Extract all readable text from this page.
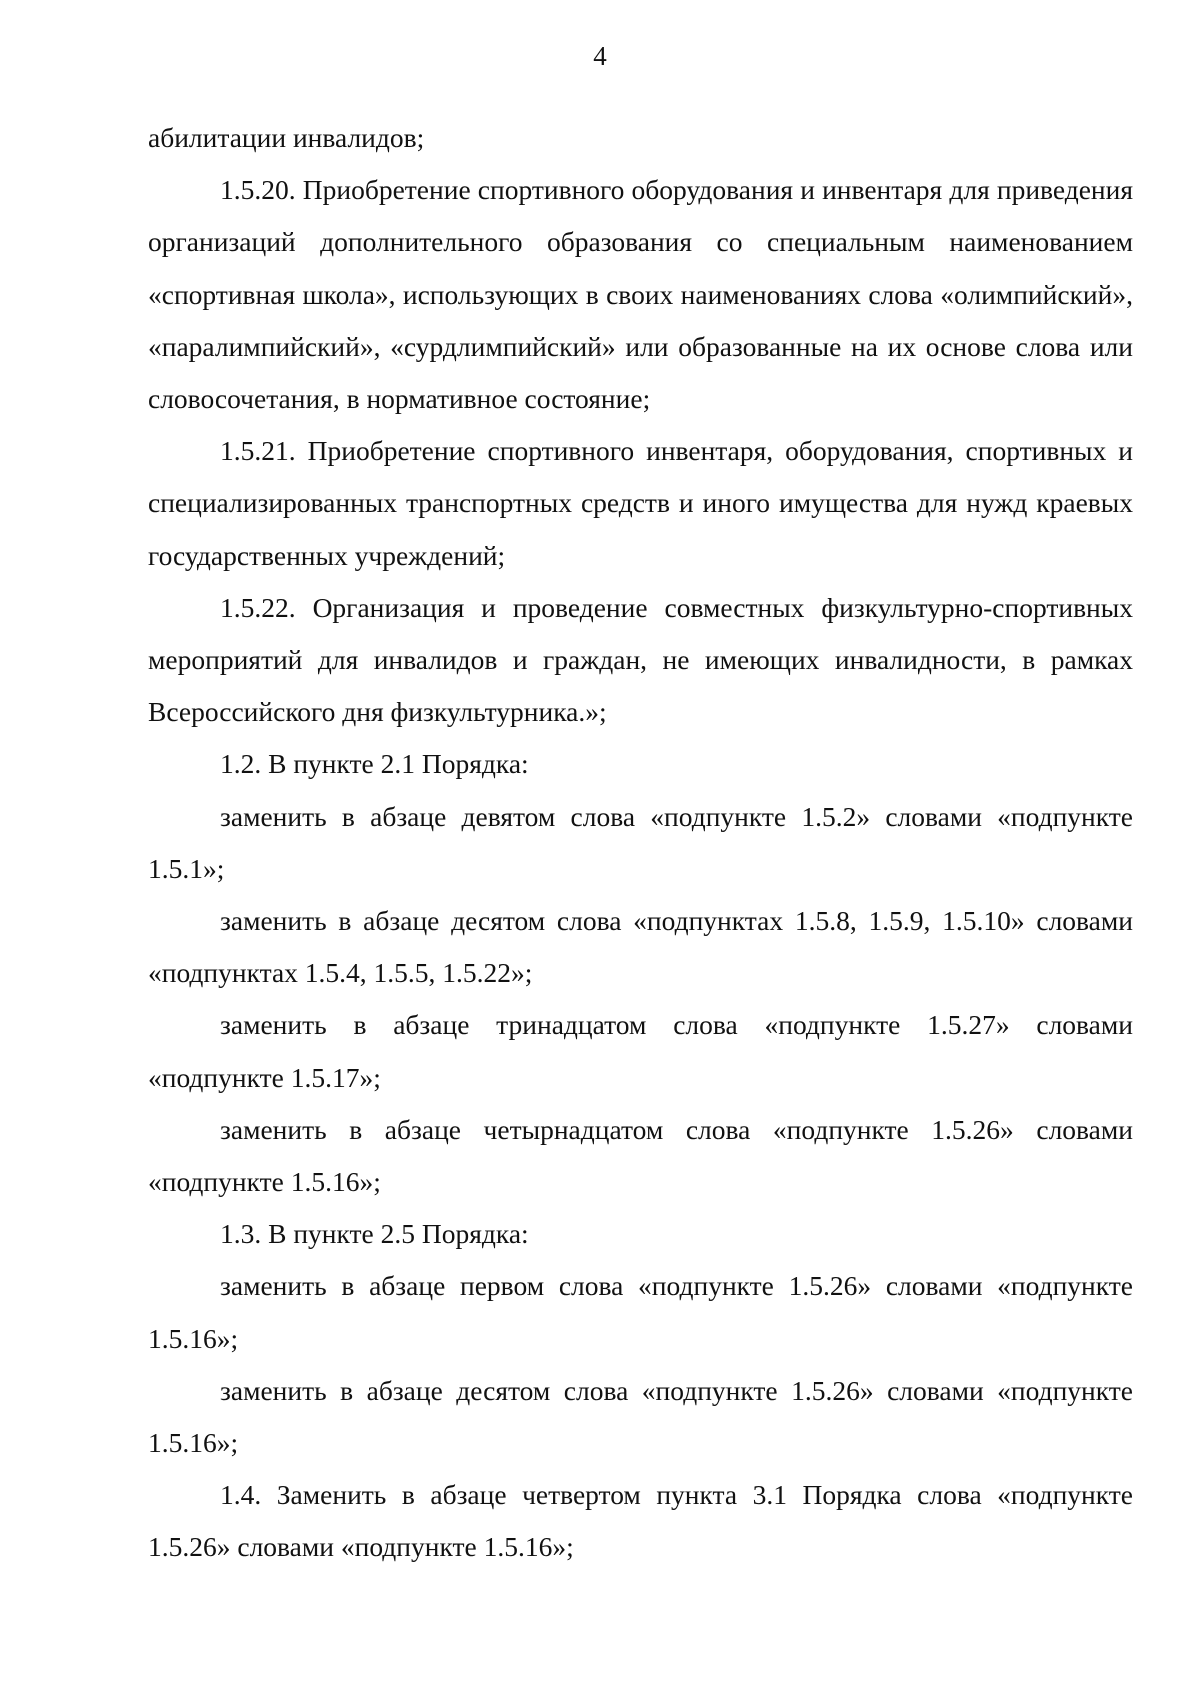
4

абилитации инвалидов;

1.5.20. Приобретение спортивного оборудования и инвентаря для приведения организаций дополнительного образования со специальным наименованием «спортивная школа», использующих в своих наименованиях слова «олимпийский», «паралимпийский», «сурдлимпийский» или образованные на их основе слова или словосочетания, в нормативное состояние;

1.5.21. Приобретение спортивного инвентаря, оборудования, спортивных и специализированных транспортных средств и иного имущества для нужд краевых государственных учреждений;

1.5.22. Организация и проведение совместных физкультурно-спортивных мероприятий для инвалидов и граждан, не имеющих инвалидности, в рамках Всероссийского дня физкультурника.»;

1.2. В пункте 2.1 Порядка:

заменить в абзаце девятом слова «подпункте 1.5.2» словами «подпункте 1.5.1»;

заменить в абзаце десятом слова «подпунктах 1.5.8, 1.5.9, 1.5.10» словами «подпунктах 1.5.4, 1.5.5, 1.5.22»;

заменить в абзаце тринадцатом слова «подпункте 1.5.27» словами «подпункте 1.5.17»;

заменить в абзаце четырнадцатом слова «подпункте 1.5.26» словами «подпункте 1.5.16»;

1.3. В пункте 2.5 Порядка:

заменить в абзаце первом слова «подпункте 1.5.26» словами «подпункте 1.5.16»;

заменить в абзаце десятом слова «подпункте 1.5.26» словами «подпункте 1.5.16»;

1.4. Заменить в абзаце четвертом пункта 3.1 Порядка слова «подпункте 1.5.26» словами «подпункте 1.5.16»;
